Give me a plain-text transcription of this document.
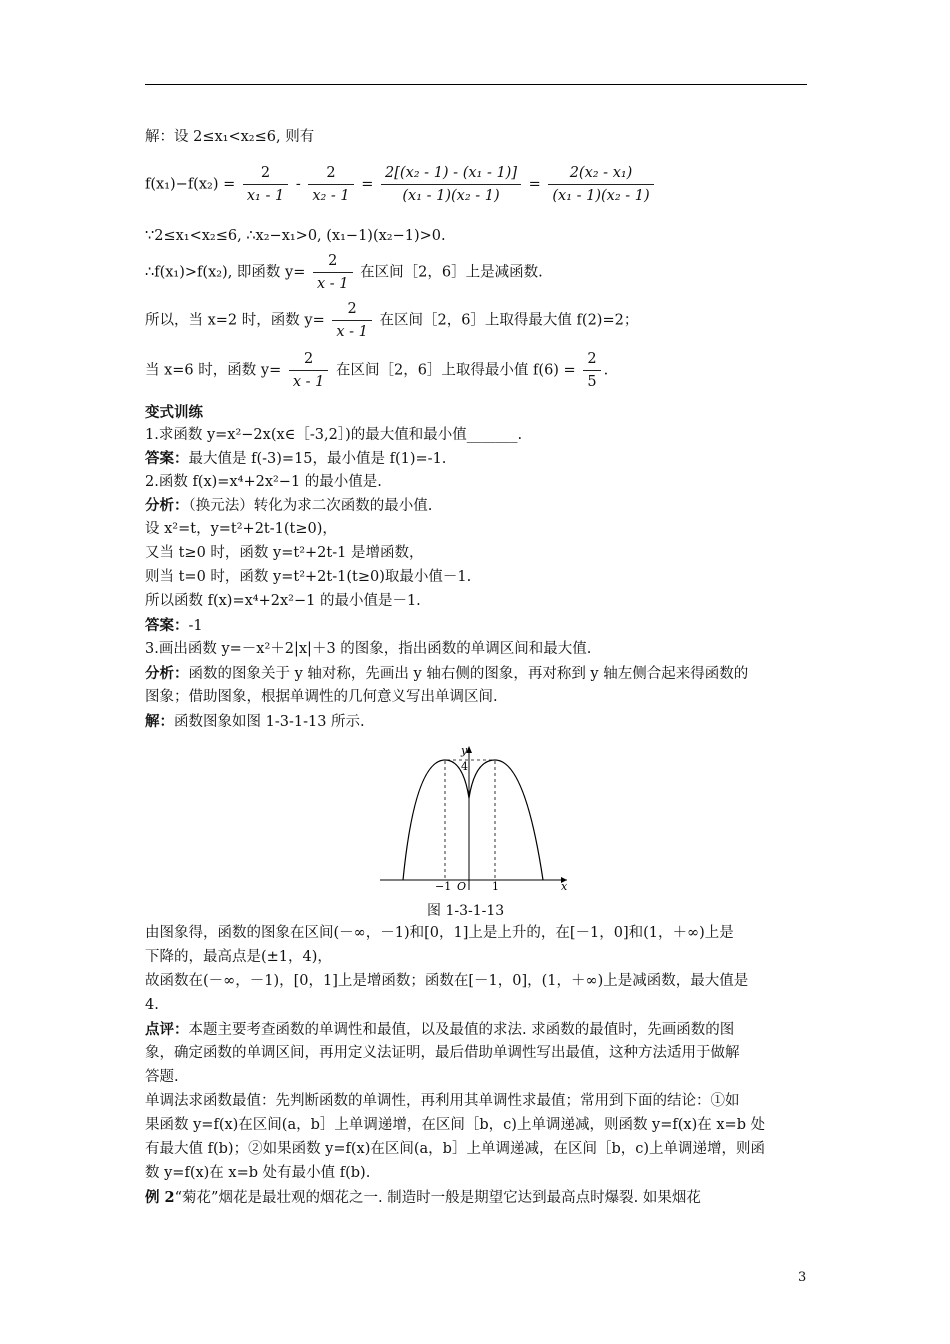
解：设 2≤x₁<x₂≤6, 则有
$f(x_1)-f(x_2) = \frac{2}{\text{x₁ - 1}} - \frac{2}{\text{x₂ - 1}} = \frac{\text{2[(x₂ - 1) - (x₁ - 1)]}}{\text{(x₁ - 1)(x₂ - 1)}} = \frac{\text{2(x₂ - x₁)}}{\text{(x₁ - 1)(x₂ - 1)}}$
∵2≤x₁<x₂≤6, ∴x₂−x₁>0, (x₁−1)(x₂−1)>0.
∴f(x₁)>f(x₂), 即函数 $y= \frac{2}{x - 1}$ 在区间［2，6］上是减函数.
所以，当 x=2 时，函数 $y= \frac{2}{x - 1}$ 在区间［2，6］上取得最大值 f(2)=2；
当 x=6 时，函数 $y= \frac{2}{x - 1}$ 在区间［2，6］上取得最小值 $f(6) = \frac{2}{5}$ .
变式训练
1.求函数 y=x²−2x(x∈［-3,2］)的最大值和最小值_______.
答案：最大值是 f(-3)=15，最小值是 f(1)=-1.
2.函数 f(x)=x⁴+2x²−1 的最小值是.
分析：（换元法）转化为求二次函数的最小值.
设 x²=t，y=t²+2t-1(t≥0)，
又当 t≥0 时，函数 y=t²+2t-1 是增函数，
则当 t=0 时，函数 y=t²+2t-1(t≥0)取最小值－1.
所以函数 f(x)=x⁴+2x²−1 的最小值是－1.
答案：-1
3.画出函数 y=－x²＋2|x|＋3 的图象，指出函数的单调区间和最大值.
分析：函数的图象关于 y 轴对称，先画出 y 轴右侧的图象，再对称到 y 轴左侧合起来得函数的
图象；借助图象，根据单调性的几何意义写出单调区间.
解：函数图象如图 1-3-1-13 所示.
y
4
x
O
−1	1
图 1-3-1-13
由图象得，函数的图象在区间(－∞，－1)和[0，1]上是上升的，在[－1，0]和(1，＋∞)上是
下降的，最高点是(±1，4)，
故函数在(－∞，－1)，[0，1]上是增函数；函数在[－1，0]，(1，＋∞)上是减函数，最大值是
4.
点评：本题主要考查函数的单调性和最值，以及最值的求法. 求函数的最值时，先画函数的图
象，确定函数的单调区间，再用定义法证明，最后借助单调性写出最值，这种方法适用于做解
答题.
单调法求函数最值：先判断函数的单调性，再利用其单调性求最值；常用到下面的结论：①如
果函数 y=f(x)在区间(a，b］上单调递增，在区间［b，c)上单调递减，则函数 y=f(x)在 x=b 处
有最大值 f(b)；②如果函数 y=f(x)在区间(a，b］上单调递减，在区间［b，c)上单调递增，则函
数 y=f(x)在 x=b 处有最小值 f(b).
例 2“菊花”烟花是最壮观的烟花之一. 制造时一般是期望它达到最高点时爆裂. 如果烟花
3
